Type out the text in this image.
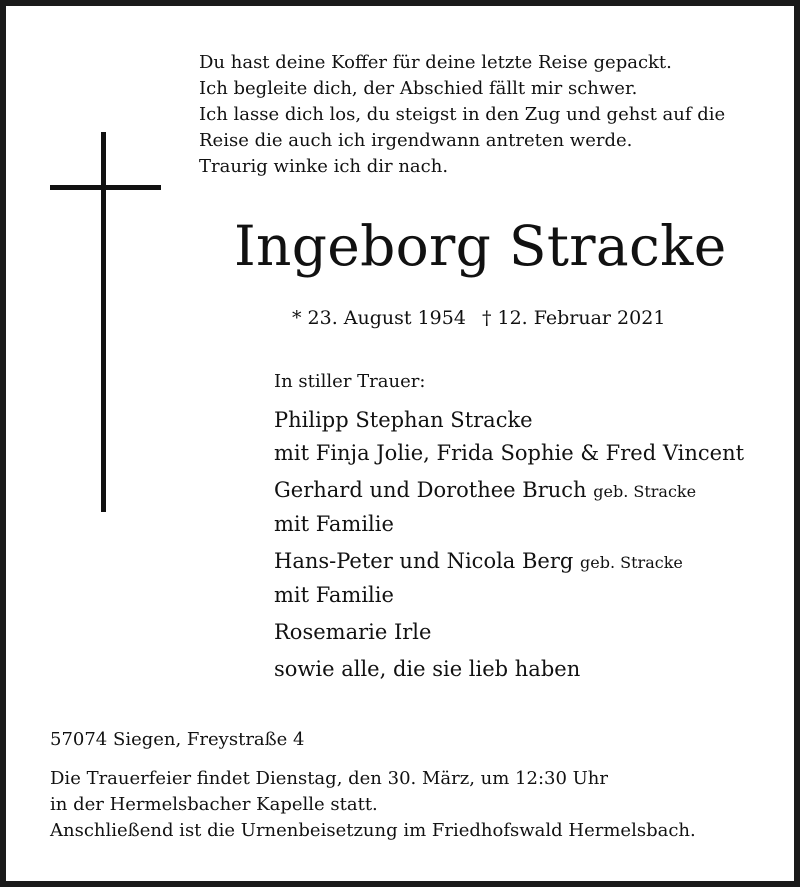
Du hast deine Koffer für deine letzte Reise gepackt.
Ich begleite dich, der Abschied fällt mir schwer.
Ich lasse dich los, du steigst in den Zug und gehst auf die
Reise die auch ich irgendwann antreten werde.
Traurig winke ich dir nach.
Ingeborg Stracke
* 23. August 1954 † 12. Februar 2021
In stiller Trauer:
Philipp Stephan Stracke
mit Finja Jolie, Frida Sophie & Fred Vincent
Gerhard und Dorothee Bruch geb. Stracke
mit Familie
Hans-Peter und Nicola Berg geb. Stracke
mit Familie
Rosemarie Irle
sowie alle, die sie lieb haben
57074 Siegen, Freystraße 4
Die Trauerfeier findet Dienstag, den 30. März, um 12:30 Uhr
in der Hermelsbacher Kapelle statt.
Anschließend ist die Urnenbeisetzung im Friedhofswald Hermelsbach.
